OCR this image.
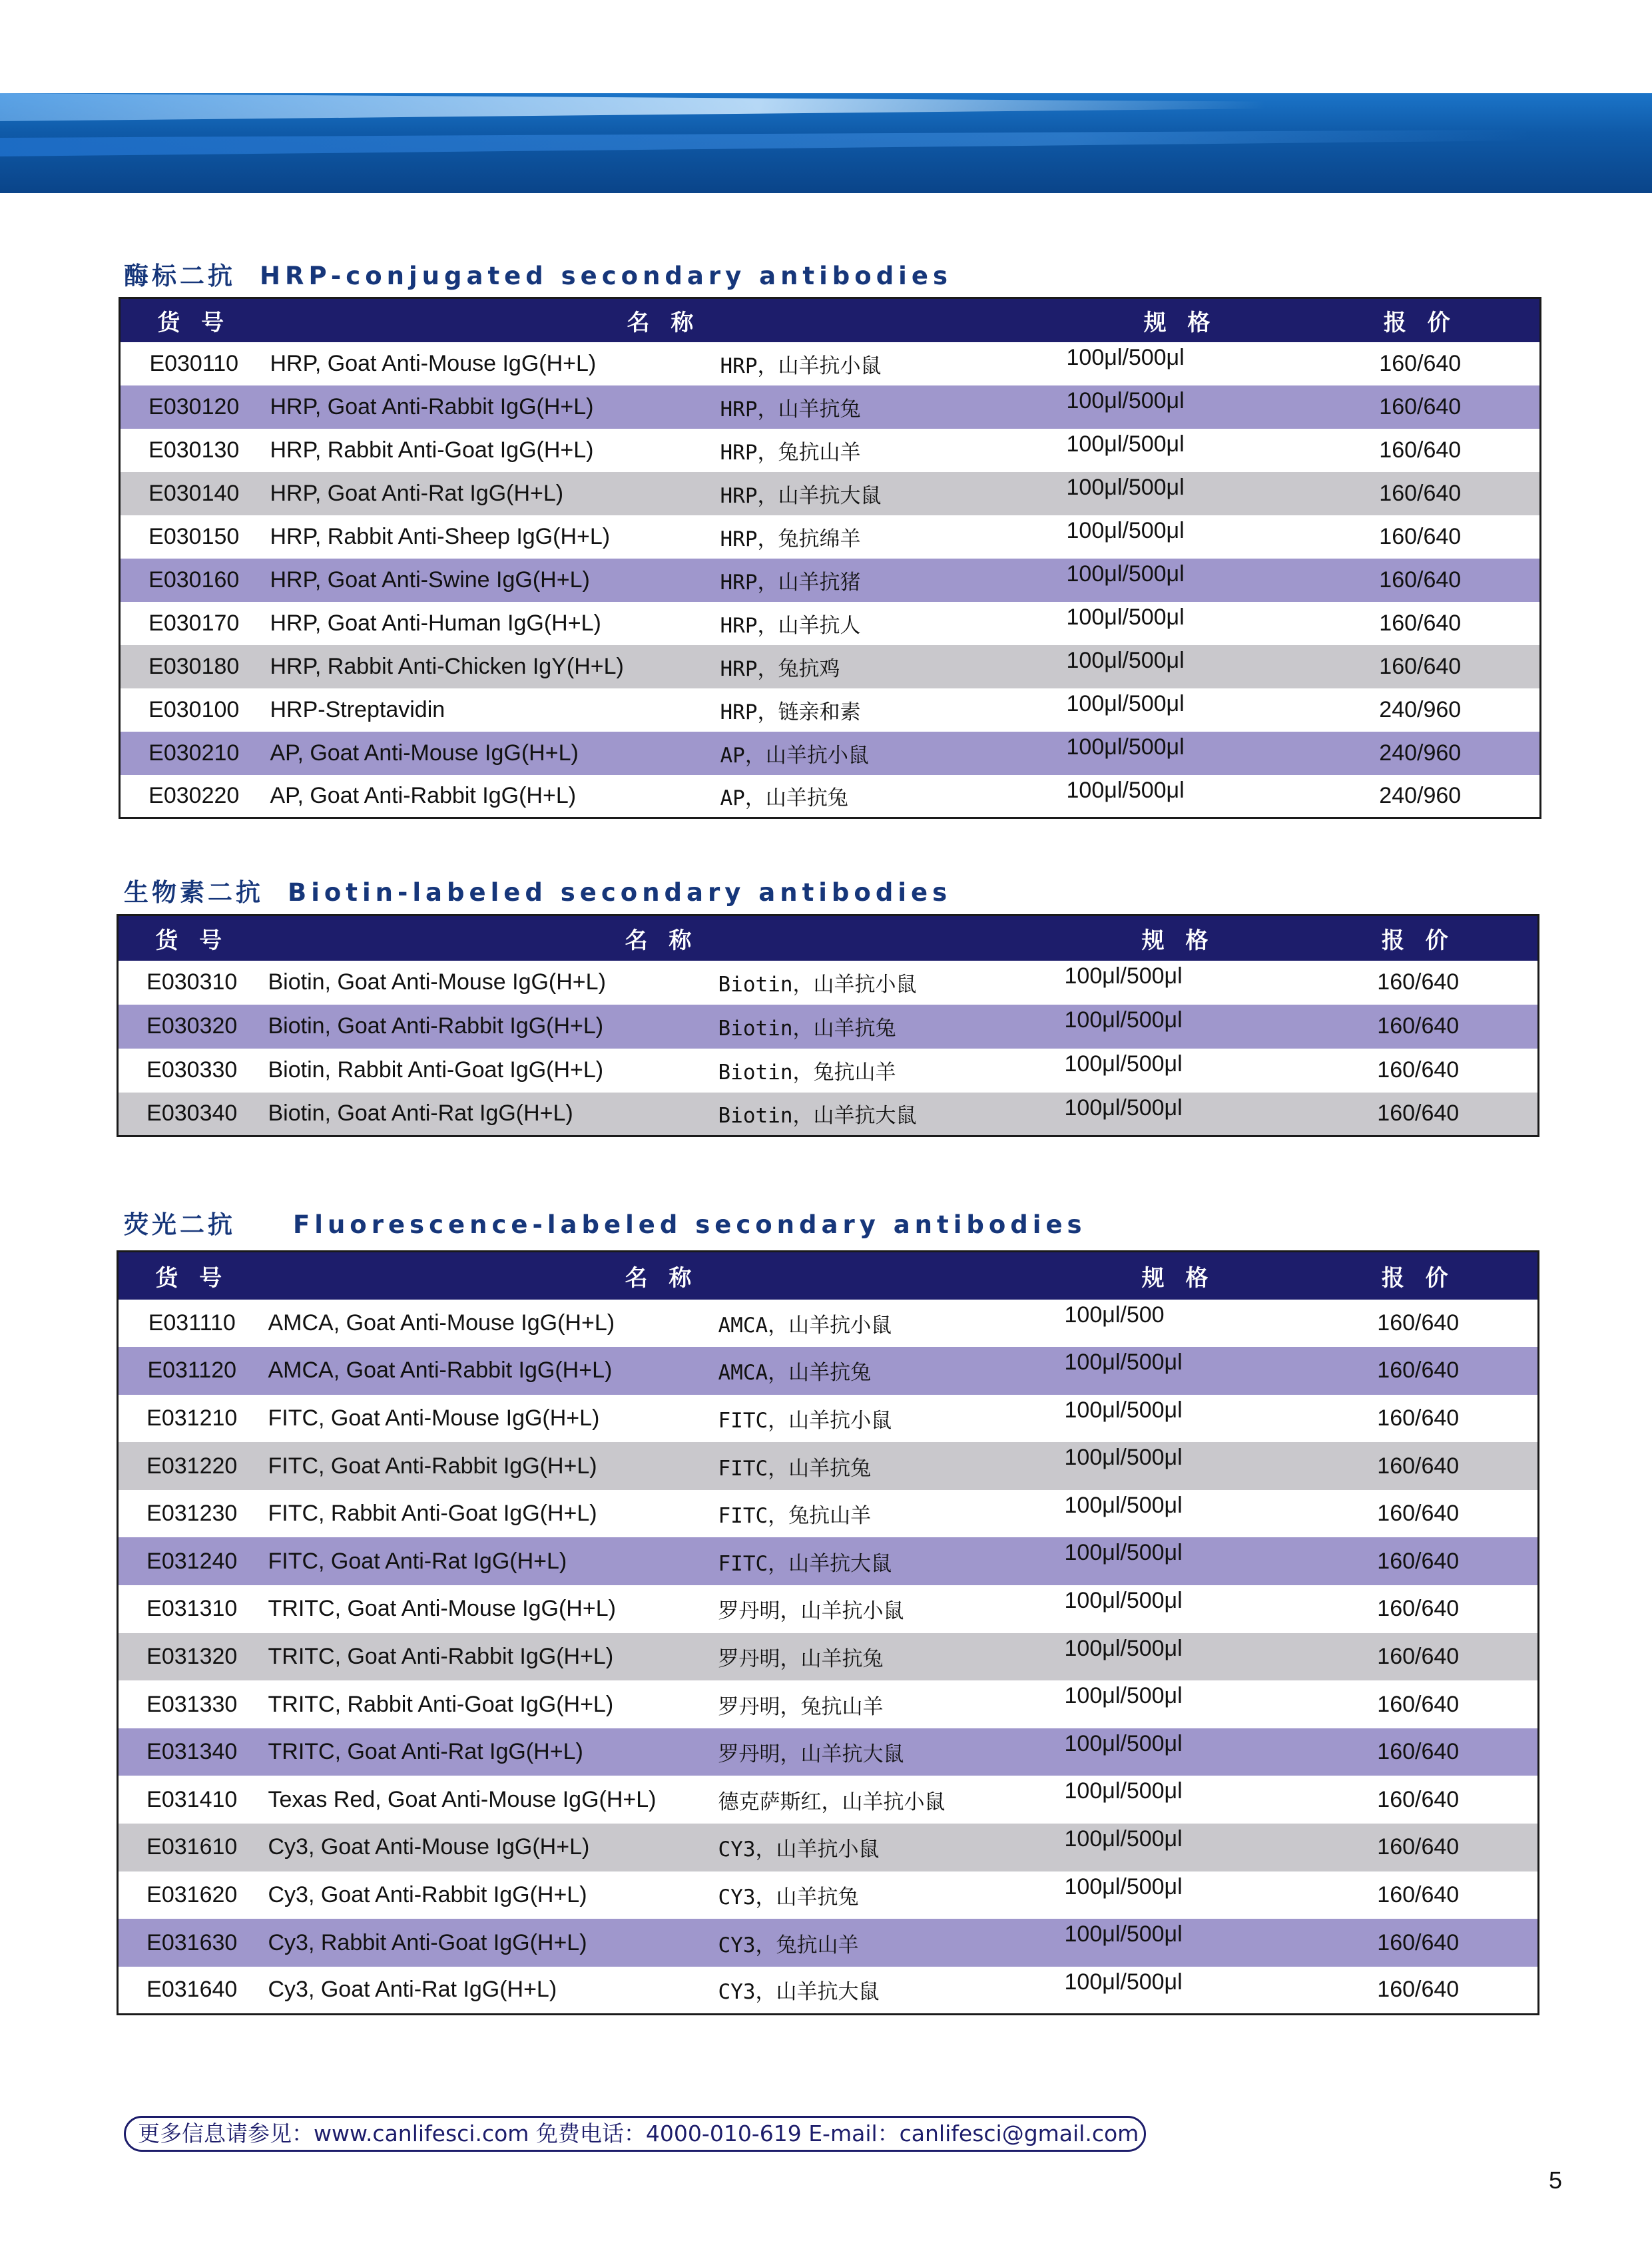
酶标二抗 HRP-conjugated secondary antibodies
货 号	名 称		规 格	报 价
E030110	HRP, Goat Anti-Mouse IgG(H+L)	HRP，山羊抗小鼠	100μl/500μl	160/640
E030120	HRP, Goat Anti-Rabbit IgG(H+L)	HRP，山羊抗兔	100μl/500μl	160/640
E030130	HRP, Rabbit Anti-Goat IgG(H+L)	HRP，兔抗山羊	100μl/500μl	160/640
E030140	HRP, Goat Anti-Rat IgG(H+L)	HRP，山羊抗大鼠	100μl/500μl	160/640
E030150	HRP, Rabbit Anti-Sheep IgG(H+L)	HRP，兔抗绵羊	100μl/500μl	160/640
E030160	HRP, Goat Anti-Swine IgG(H+L)	HRP，山羊抗猪	100μl/500μl	160/640
E030170	HRP, Goat Anti-Human IgG(H+L)	HRP，山羊抗人	100μl/500μl	160/640
E030180	HRP, Rabbit Anti-Chicken IgY(H+L)	HRP，兔抗鸡	100μl/500μl	160/640
E030100	HRP-Streptavidin	HRP，链亲和素	100μl/500μl	240/960
E030210	AP, Goat Anti-Mouse IgG(H+L)	AP，山羊抗小鼠	100μl/500μl	240/960
E030220	AP, Goat Anti-Rabbit IgG(H+L)	AP，山羊抗兔	100μl/500μl	240/960
生物素二抗 Biotin-labeled secondary antibodies
货 号	名 称		规 格	报 价
E030310	Biotin, Goat Anti-Mouse IgG(H+L)	Biotin，山羊抗小鼠	100μl/500μl	160/640
E030320	Biotin, Goat Anti-Rabbit IgG(H+L)	Biotin，山羊抗兔	100μl/500μl	160/640
E030330	Biotin, Rabbit Anti-Goat IgG(H+L)	Biotin，兔抗山羊	100μl/500μl	160/640
E030340	Biotin, Goat Anti-Rat IgG(H+L)	Biotin，山羊抗大鼠	100μl/500μl	160/640
荧光二抗 Fluorescence-labeled secondary antibodies
货 号	名 称		规 格	报 价
E031110	AMCA, Goat Anti-Mouse IgG(H+L)	AMCA，山羊抗小鼠	100μl/500	160/640
E031120	AMCA, Goat Anti-Rabbit IgG(H+L)	AMCA，山羊抗兔	100μl/500μl	160/640
E031210	FITC, Goat Anti-Mouse IgG(H+L)	FITC，山羊抗小鼠	100μl/500μl	160/640
E031220	FITC, Goat Anti-Rabbit IgG(H+L)	FITC，山羊抗兔	100μl/500μl	160/640
E031230	FITC, Rabbit Anti-Goat IgG(H+L)	FITC，兔抗山羊	100μl/500μl	160/640
E031240	FITC, Goat Anti-Rat IgG(H+L)	FITC，山羊抗大鼠	100μl/500μl	160/640
E031310	TRITC, Goat Anti-Mouse IgG(H+L)	罗丹明，山羊抗小鼠	100μl/500μl	160/640
E031320	TRITC, Goat Anti-Rabbit IgG(H+L)	罗丹明，山羊抗兔	100μl/500μl	160/640
E031330	TRITC, Rabbit Anti-Goat IgG(H+L)	罗丹明，兔抗山羊	100μl/500μl	160/640
E031340	TRITC, Goat Anti-Rat IgG(H+L)	罗丹明，山羊抗大鼠	100μl/500μl	160/640
E031410	Texas Red, Goat Anti-Mouse IgG(H+L)	德克萨斯红，山羊抗小鼠	100μl/500μl	160/640
E031610	Cy3, Goat Anti-Mouse IgG(H+L)	CY3，山羊抗小鼠	100μl/500μl	160/640
E031620	Cy3, Goat Anti-Rabbit IgG(H+L)	CY3，山羊抗兔	100μl/500μl	160/640
E031630	Cy3, Rabbit Anti-Goat IgG(H+L)	CY3，兔抗山羊	100μl/500μl	160/640
E031640	Cy3, Goat Anti-Rat IgG(H+L)	CY3，山羊抗大鼠	100μl/500μl	160/640
更多信息请参见：www.canlifesci.com 免费电话：4000-010-619 E-mail：canlifesci@gmail.com
5
